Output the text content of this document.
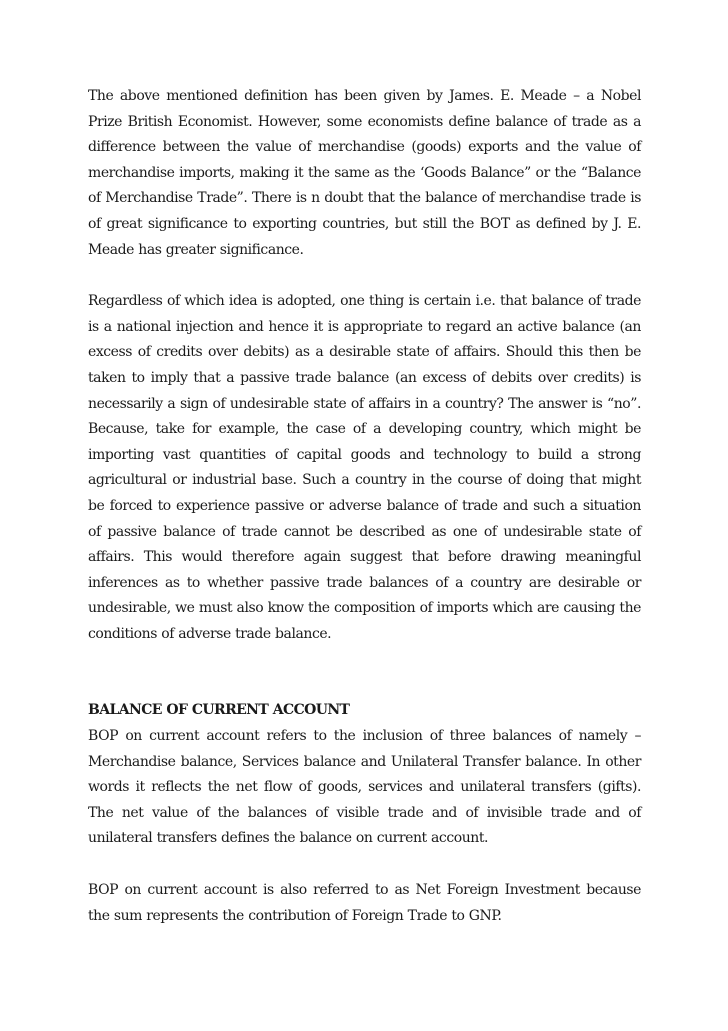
The above mentioned definition has been given by James. E. Meade – a Nobel Prize British Economist. However, some economists define balance of trade as a difference between the value of merchandise (goods) exports and the value of merchandise imports, making it the same as the ‘Goods Balance” or the “Balance of Merchandise Trade”. There is n doubt that the balance of merchandise trade is of great significance to exporting countries, but still the BOT as defined by J. E. Meade has greater significance.

Regardless of which idea is adopted, one thing is certain i.e. that balance of trade is a national injection and hence it is appropriate to regard an active balance (an excess of credits over debits) as a desirable state of affairs. Should this then be taken to imply that a passive trade balance (an excess of debits over credits) is necessarily a sign of undesirable state of affairs in a country? The answer is “no”. Because, take for example, the case of a developing country, which might be importing vast quantities of capital goods and technology to build a strong agricultural or industrial base. Such a country in the course of doing that might be forced to experience passive or adverse balance of trade and such a situation of passive balance of trade cannot be described as one of undesirable state of affairs. This would therefore again suggest that before drawing meaningful inferences as to whether passive trade balances of a country are desirable or undesirable, we must also know the composition of imports which are causing the conditions of adverse trade balance.

BALANCE OF CURRENT ACCOUNT

BOP on current account refers to the inclusion of three balances of namely – Merchandise balance, Services balance and Unilateral Transfer balance. In other words it reflects the net flow of goods, services and unilateral transfers (gifts). The net value of the balances of visible trade and of invisible trade and of unilateral transfers defines the balance on current account.

BOP on current account is also referred to as Net Foreign Investment because the sum represents the contribution of Foreign Trade to GNP.
